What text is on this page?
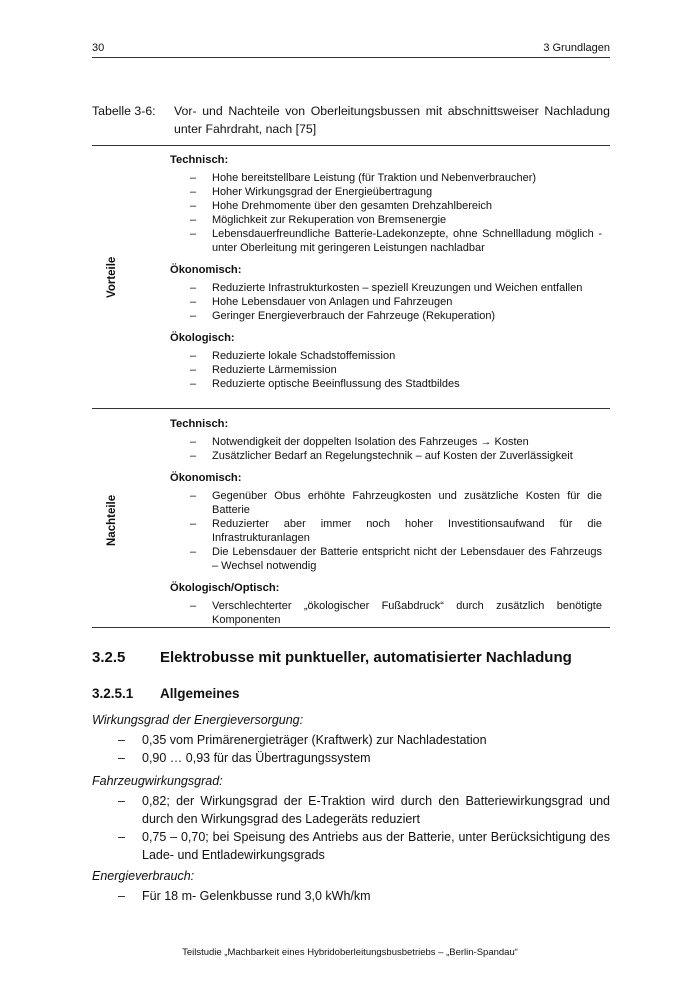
30	3 Grundlagen
Tabelle 3-6: Vor- und Nachteile von Oberleitungsbussen mit abschnittsweiser Nachladung unter Fahrdraht, nach [75]
Vorteile

Technisch:

– Hohe bereitstellbare Leistung (für Traktion und Nebenverbraucher)
– Hoher Wirkungsgrad der Energieübertragung
– Hohe Drehmomente über den gesamten Drehzahlbereich
– Möglichkeit zur Rekuperation von Bremsenergie
– Lebensdauerfreundliche Batterie-Ladekonzepte, ohne Schnellladung möglich - unter Oberleitung mit geringeren Leistungen nachladbar

Ökonomisch:

– Reduzierte Infrastrukturkosten – speziell Kreuzungen und Weichen entfallen
– Hohe Lebensdauer von Anlagen und Fahrzeugen
– Geringer Energieverbrauch der Fahrzeuge (Rekuperation)

Ökologisch:

– Reduzierte lokale Schadstoffemission
– Reduzierte Lärmemission
– Reduzierte optische Beeinflussung des Stadtbildes
Nachteile

Technisch:

– Notwendigkeit der doppelten Isolation des Fahrzeuges → Kosten
– Zusätzlicher Bedarf an Regelungstechnik – auf Kosten der Zuverlässigkeit

Ökonomisch:

– Gegenüber Obus erhöhte Fahrzeugkosten und zusätzliche Kosten für die Batterie
– Reduzierter aber immer noch hoher Investitionsaufwand für die Infrastrukturanlagen
– Die Lebensdauer der Batterie entspricht nicht der Lebensdauer des Fahrzeugs – Wechsel notwendig

Ökologisch/Optisch:

– Verschlechterter „ökologischer Fußabdruck“ durch zusätzlich benötigte Komponenten
3.2.5 Elektrobusse mit punktueller, automatisierter Nachladung
3.2.5.1 Allgemeines
Wirkungsgrad der Energieversorgung:
– 0,35 vom Primärenergieträger (Kraftwerk) zur Nachladestation
– 0,90 … 0,93 für das Übertragungssystem
Fahrzeugwirkungsgrad:
– 0,82; der Wirkungsgrad der E-Traktion wird durch den Batteriewirkungsgrad und durch den Wirkungsgrad des Ladegeräts reduziert
– 0,75 – 0,70; bei Speisung des Antriebs aus der Batterie, unter Berücksichtigung des Lade- und Entladewirkungsgrads
Energieverbrauch:
– Für 18 m- Gelenkbusse rund 3,0 kWh/km
Teilstudie „Machbarkeit eines Hybridoberleitungsbusbetriebs – „Berlin-Spandau“
